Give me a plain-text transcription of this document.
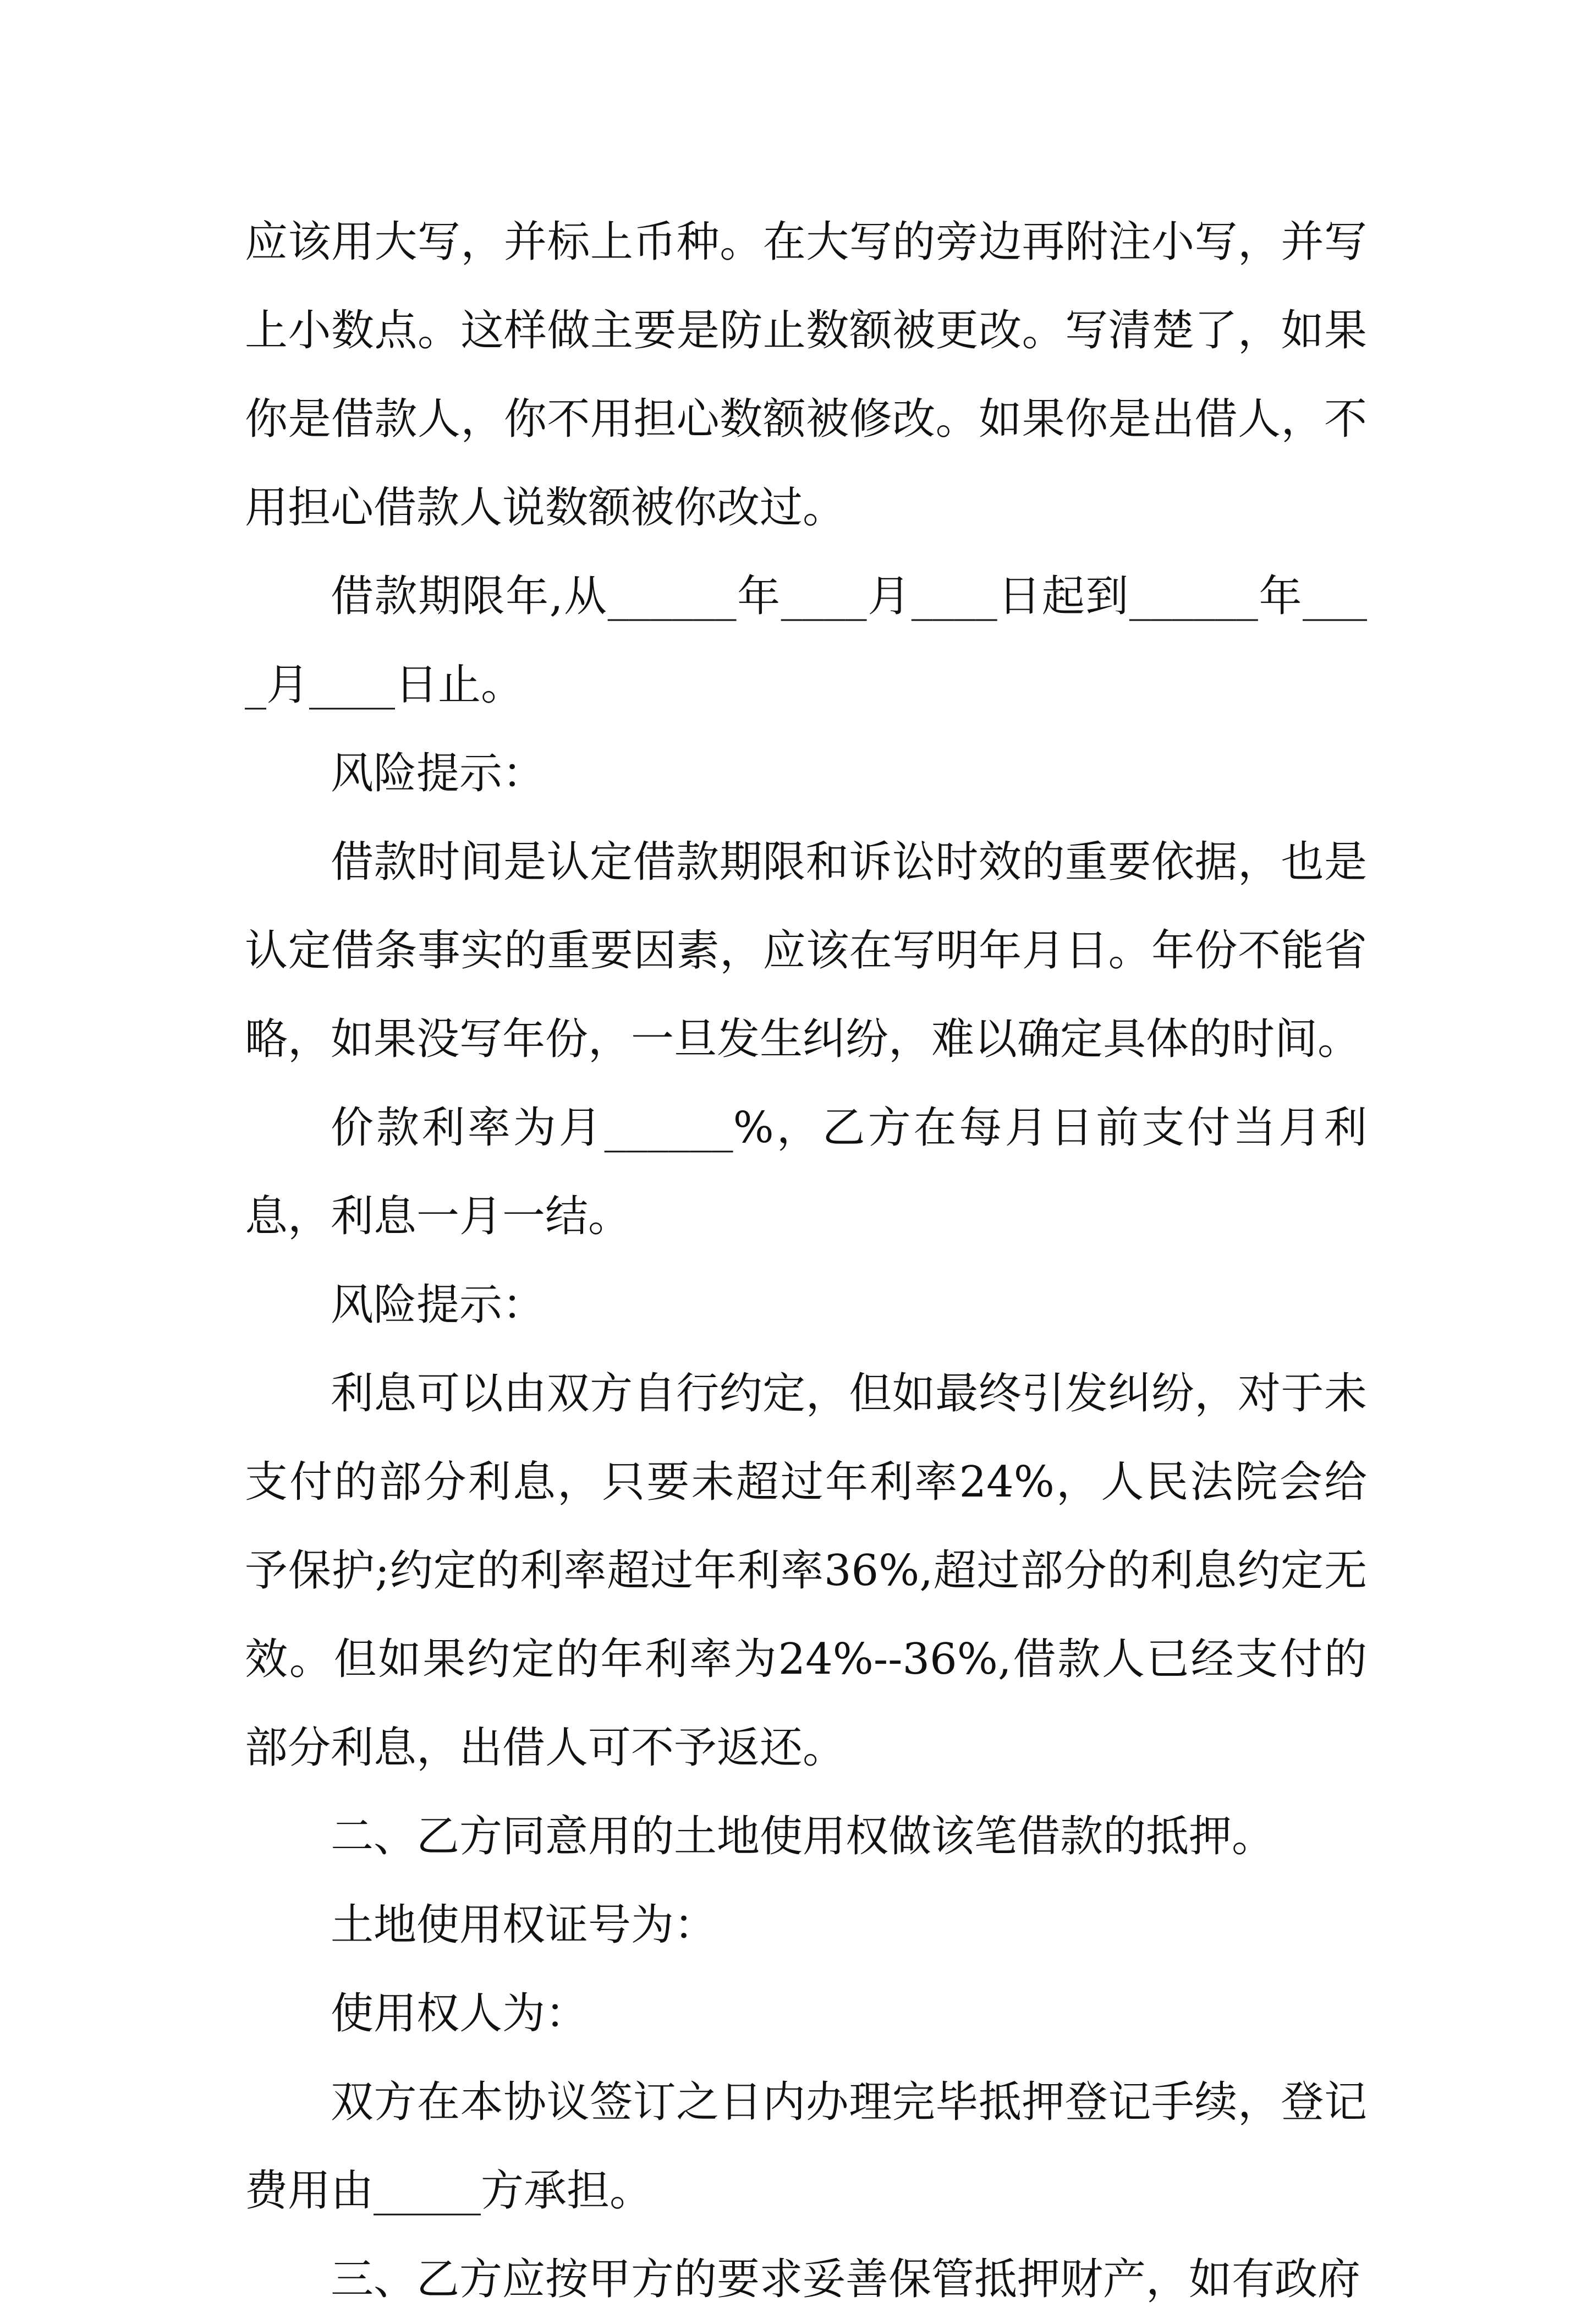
应该用大写，并标上币种。在大写的旁边再附注小写，并写上小数点。这样做主要是防止数额被更改。写清楚了，如果你是借款人，你不用担心数额被修改。如果你是出借人，不用担心借款人说数额被你改过。

借款期限年,从______年____月____日起到______年____月____日止。

风险提示：

借款时间是认定借款期限和诉讼时效的重要依据，也是认定借条事实的重要因素，应该在写明年月日。年份不能省略，如果没写年份，一旦发生纠纷，难以确定具体的时间。

价款利率为月______%，乙方在每月日前支付当月利息，利息一月一结。

风险提示：

利息可以由双方自行约定，但如最终引发纠纷，对于未支付的部分利息，只要未超过年利率24%，人民法院会给予保护;约定的利率超过年利率36%,超过部分的利息约定无效。但如果约定的年利率为24%--36%,借款人已经支付的部分利息，出借人可不予返还。

二、乙方同意用的土地使用权做该笔借款的抵押。

土地使用权证号为：

使用权人为：

双方在本协议签订之日内办理完毕抵押登记手续，登记费用由_____方承担。

三、乙方应按甲方的要求妥善保管抵押财产，如有政府
